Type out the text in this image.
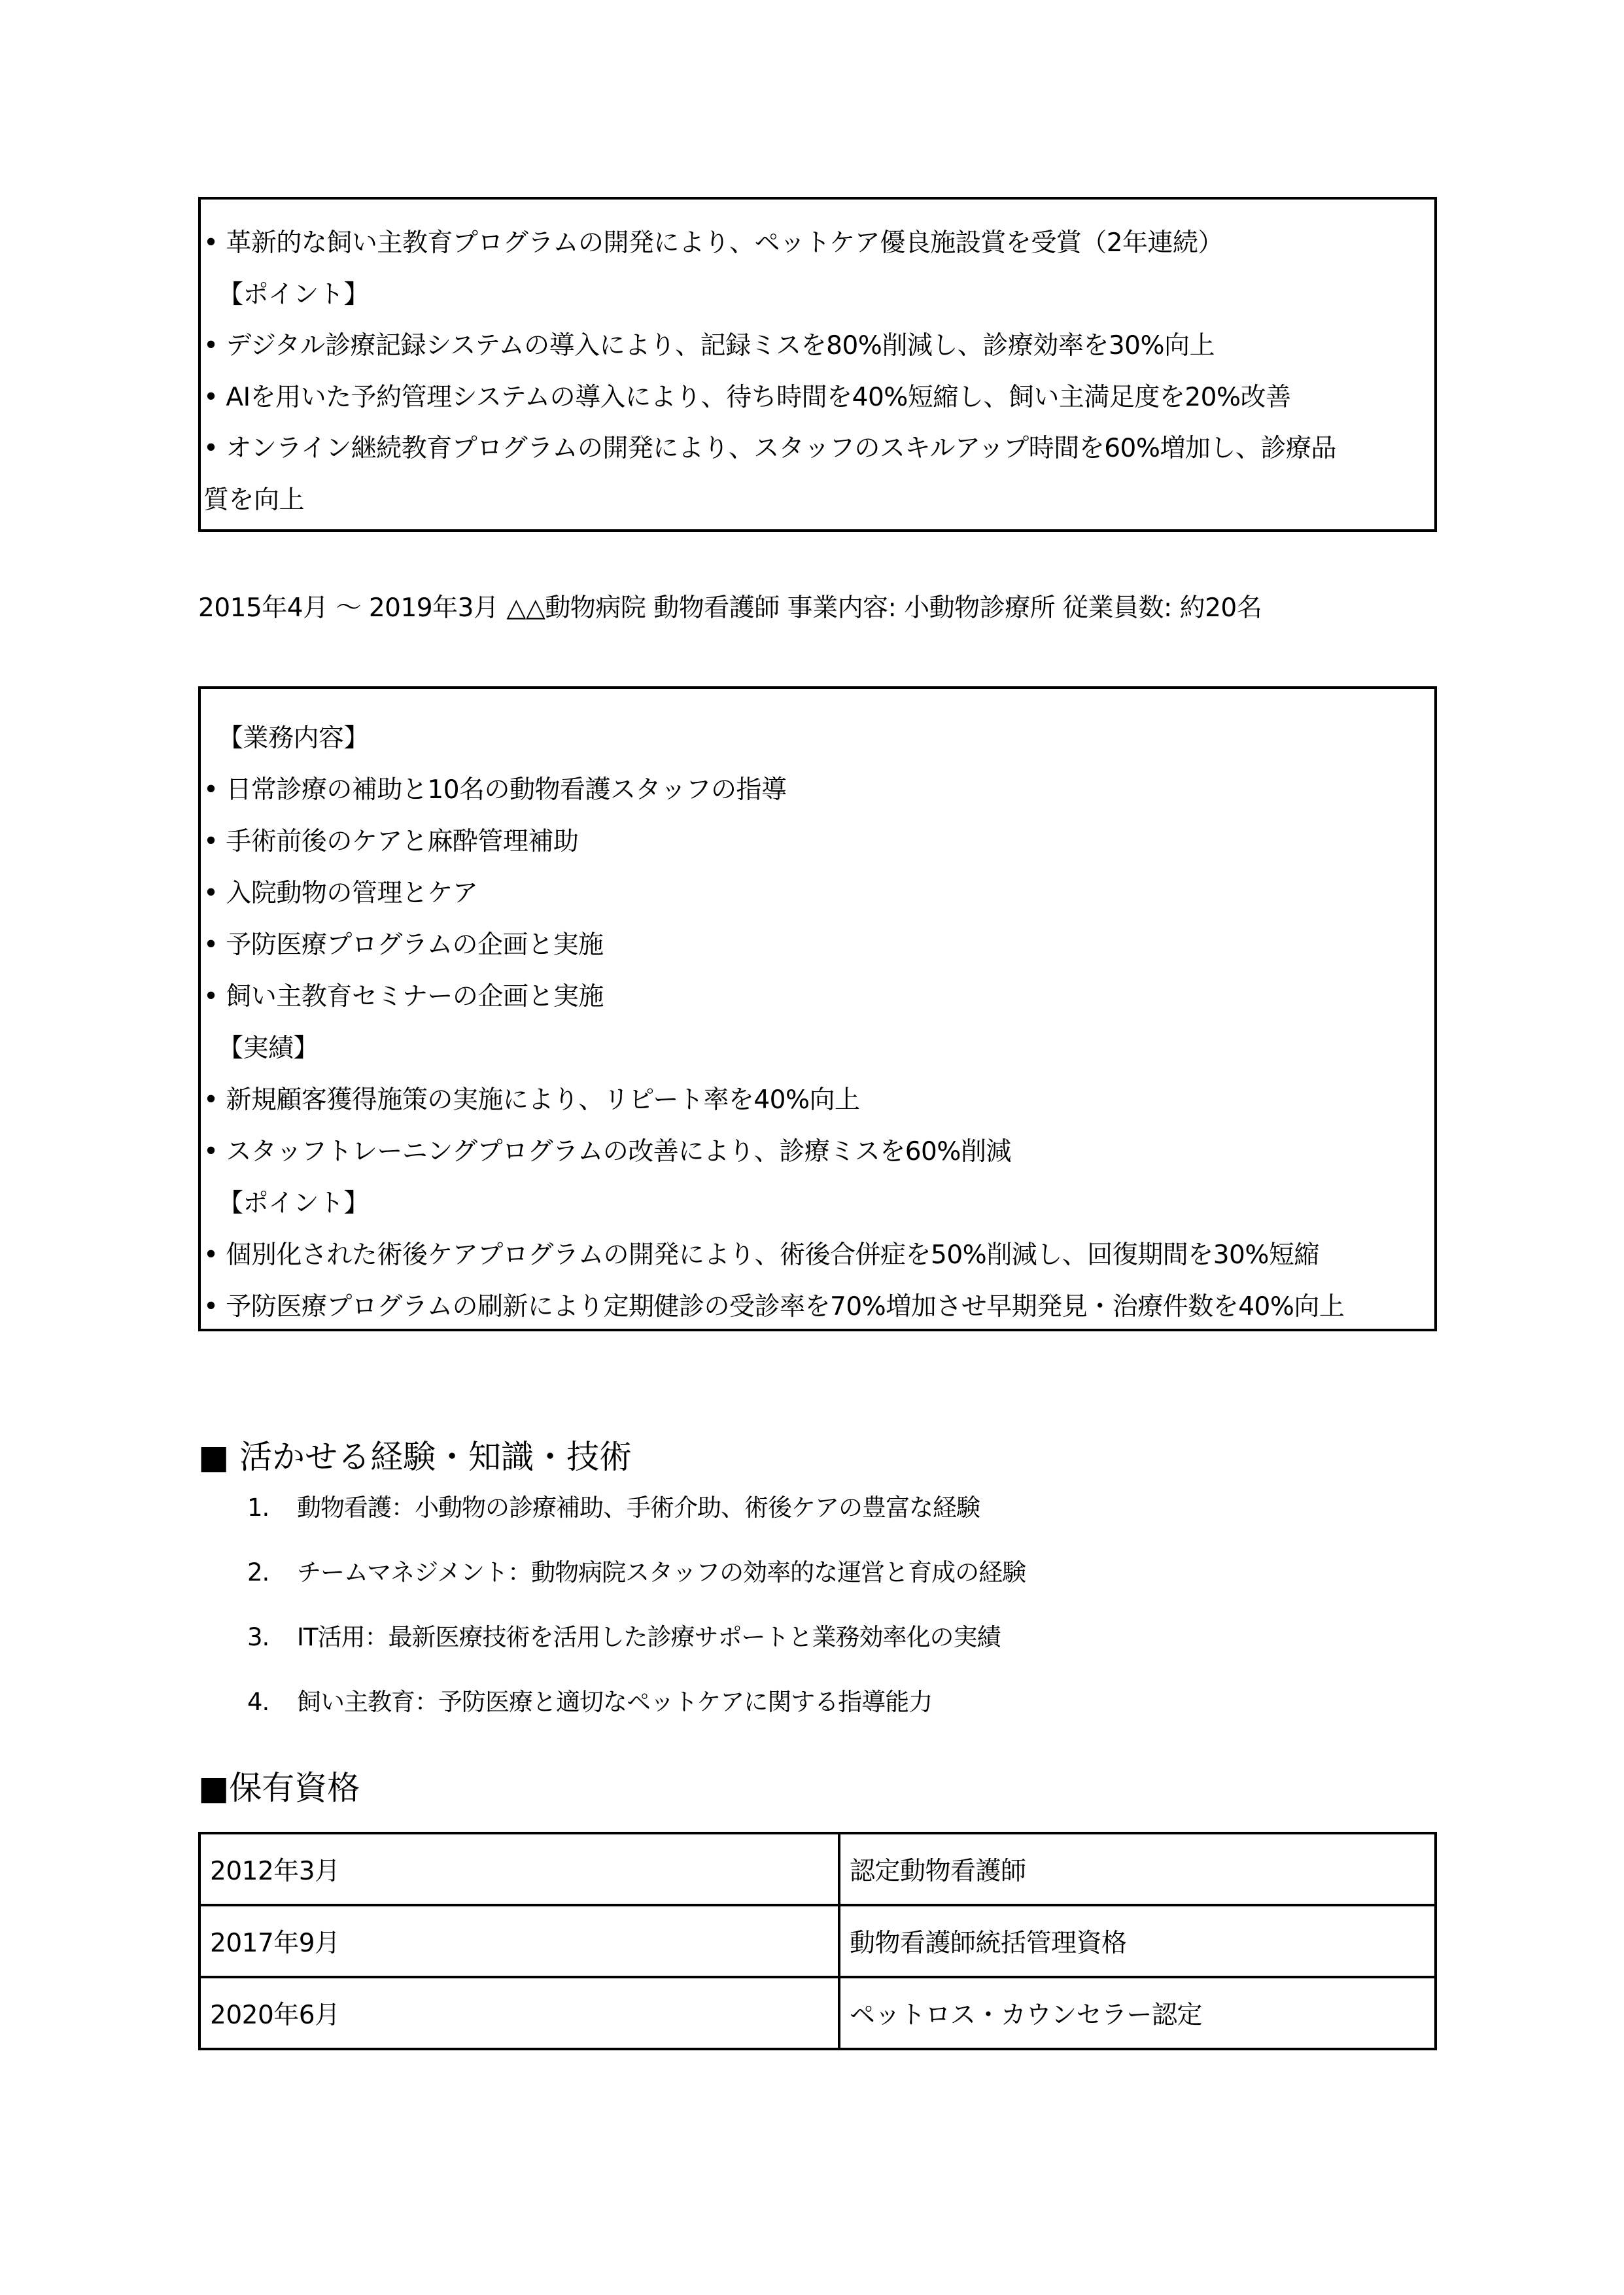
• 革新的な飼い主教育プログラムの開発により、ペットケア優良施設賞を受賞（2年連続）
【ポイント】
• デジタル診療記録システムの導入により、記録ミスを80%削減し、診療効率を30%向上
• AIを用いた予約管理システムの導入により、待ち時間を40%短縮し、飼い主満足度を20%改善
• オンライン継続教育プログラムの開発により、スタッフのスキルアップ時間を60%増加し、診療品
質を向上
2015年4月 〜 2019年3月 △△動物病院 動物看護師 事業内容: 小動物診療所 従業員数: 約20名
【業務内容】
• 日常診療の補助と10名の動物看護スタッフの指導
• 手術前後のケアと麻酔管理補助
• 入院動物の管理とケア
• 予防医療プログラムの企画と実施
• 飼い主教育セミナーの企画と実施
【実績】
• 新規顧客獲得施策の実施により、リピート率を40%向上
• スタッフトレーニングプログラムの改善により、診療ミスを60%削減
【ポイント】
• 個別化された術後ケアプログラムの開発により、術後合併症を50%削減し、回復期間を30%短縮
• 予防医療プログラムの刷新により定期健診の受診率を70%増加させ早期発見・治療件数を40%向上
■ 活かせる経験・知識・技術
1. 動物看護：小動物の診療補助、手術介助、術後ケアの豊富な経験
2. チームマネジメント：動物病院スタッフの効率的な運営と育成の経験
3. IT活用：最新医療技術を活用した診療サポートと業務効率化の実績
4. 飼い主教育：予防医療と適切なペットケアに関する指導能力
■保有資格
2012年3月	認定動物看護師
2017年9月	動物看護師統括管理資格
2020年6月	ペットロス・カウンセラー認定
